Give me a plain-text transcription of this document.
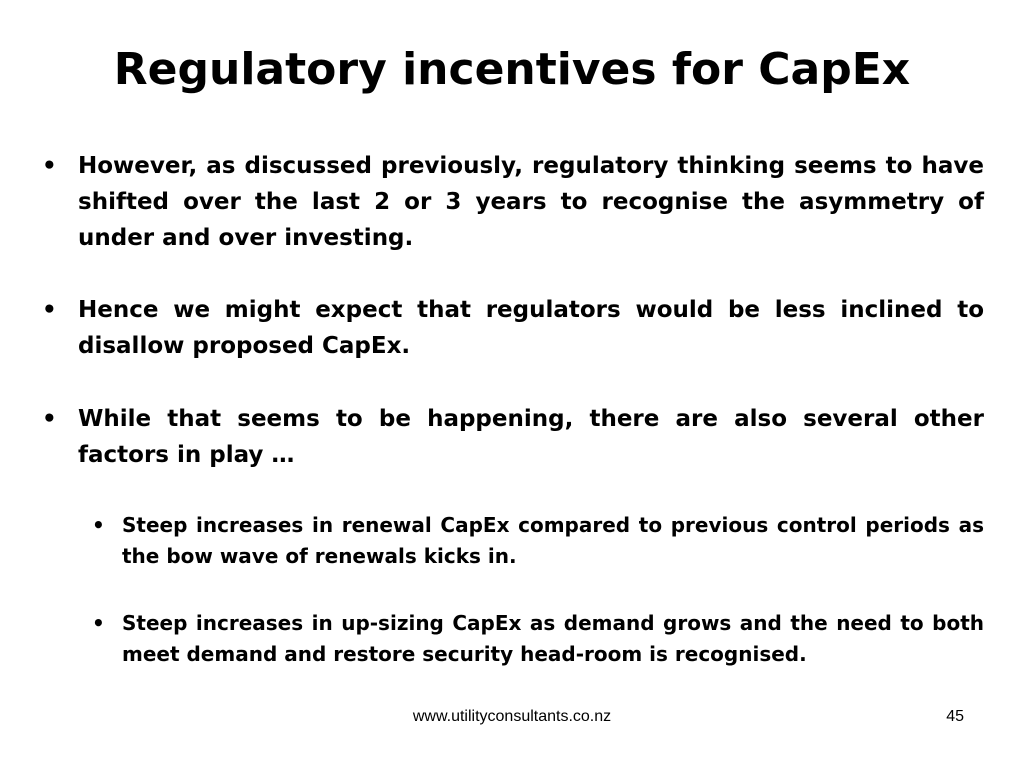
Regulatory incentives for CapEx
• However, as discussed previously, regulatory thinking seems to have shifted over the last 2 or 3 years to recognise the asymmetry of under and over investing.
• Hence we might expect that regulators would be less inclined to disallow proposed CapEx.
• While that seems to be happening, there are also several other factors in play …
• Steep increases in renewal CapEx compared to previous control periods as the bow wave of renewals kicks in.
• Steep increases in up-sizing CapEx as demand grows and the need to both meet demand and restore security head-room is recognised.
www.utilityconsultants.co.nz	45
